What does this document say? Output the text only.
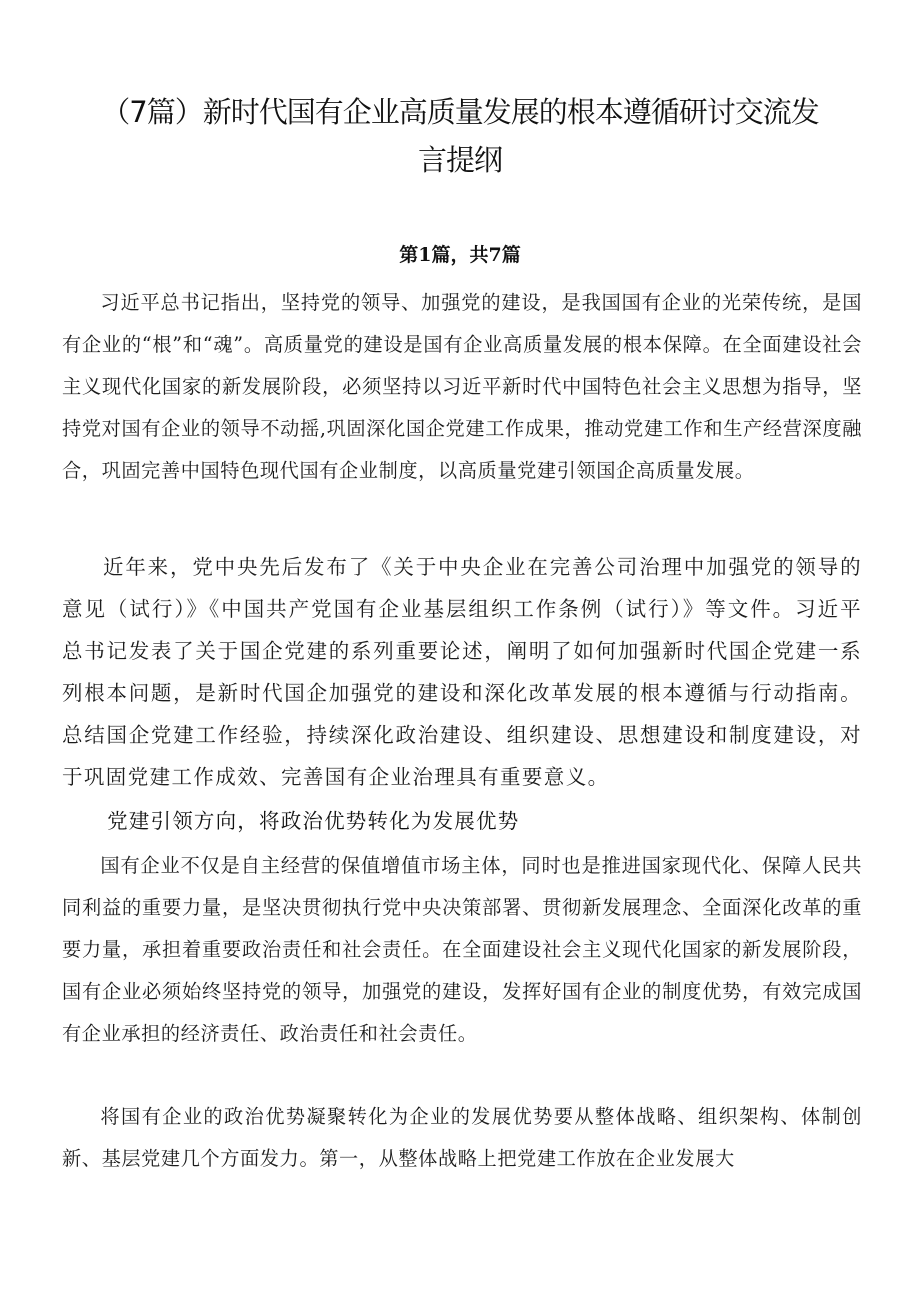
（7篇）新时代国有企业高质量发展的根本遵循研讨交流发言提纲
第1篇，共7篇

习近平总书记指出，坚持党的领导、加强党的建设，是我国国有企业的光荣传统，是国有企业的“根”和“魂”。高质量党的建设是国有企业高质量发展的根本保障。在全面建设社会主义现代化国家的新发展阶段，必须坚持以习近平新时代中国特色社会主义思想为指导，坚持党对国有企业的领导不动摇,巩固深化国企党建工作成果，推动党建工作和生产经营深度融合，巩固完善中国特色现代国有企业制度，以高质量党建引领国企高质量发展。

近年来，党中央先后发布了《关于中央企业在完善公司治理中加强党的领导的意见（试行）》《中国共产党国有企业基层组织工作条例（试行）》等文件。习近平总书记发表了关于国企党建的系列重要论述，阐明了如何加强新时代国企党建一系列根本问题，是新时代国企加强党的建设和深化改革发展的根本遵循与行动指南。总结国企党建工作经验，持续深化政治建设、组织建设、思想建设和制度建设，对于巩固党建工作成效、完善国有企业治理具有重要意义。

党建引领方向，将政治优势转化为发展优势

国有企业不仅是自主经营的保值增值市场主体，同时也是推进国家现代化、保障人民共同利益的重要力量，是坚决贯彻执行党中央决策部署、贯彻新发展理念、全面深化改革的重要力量，承担着重要政治责任和社会责任。在全面建设社会主义现代化国家的新发展阶段，国有企业必须始终坚持党的领导，加强党的建设，发挥好国有企业的制度优势，有效完成国有企业承担的经济责任、政治责任和社会责任。

将国有企业的政治优势凝聚转化为企业的发展优势要从整体战略、组织架构、体制创新、基层党建几个方面发力。第一，从整体战略上把党建工作放在企业发展大
